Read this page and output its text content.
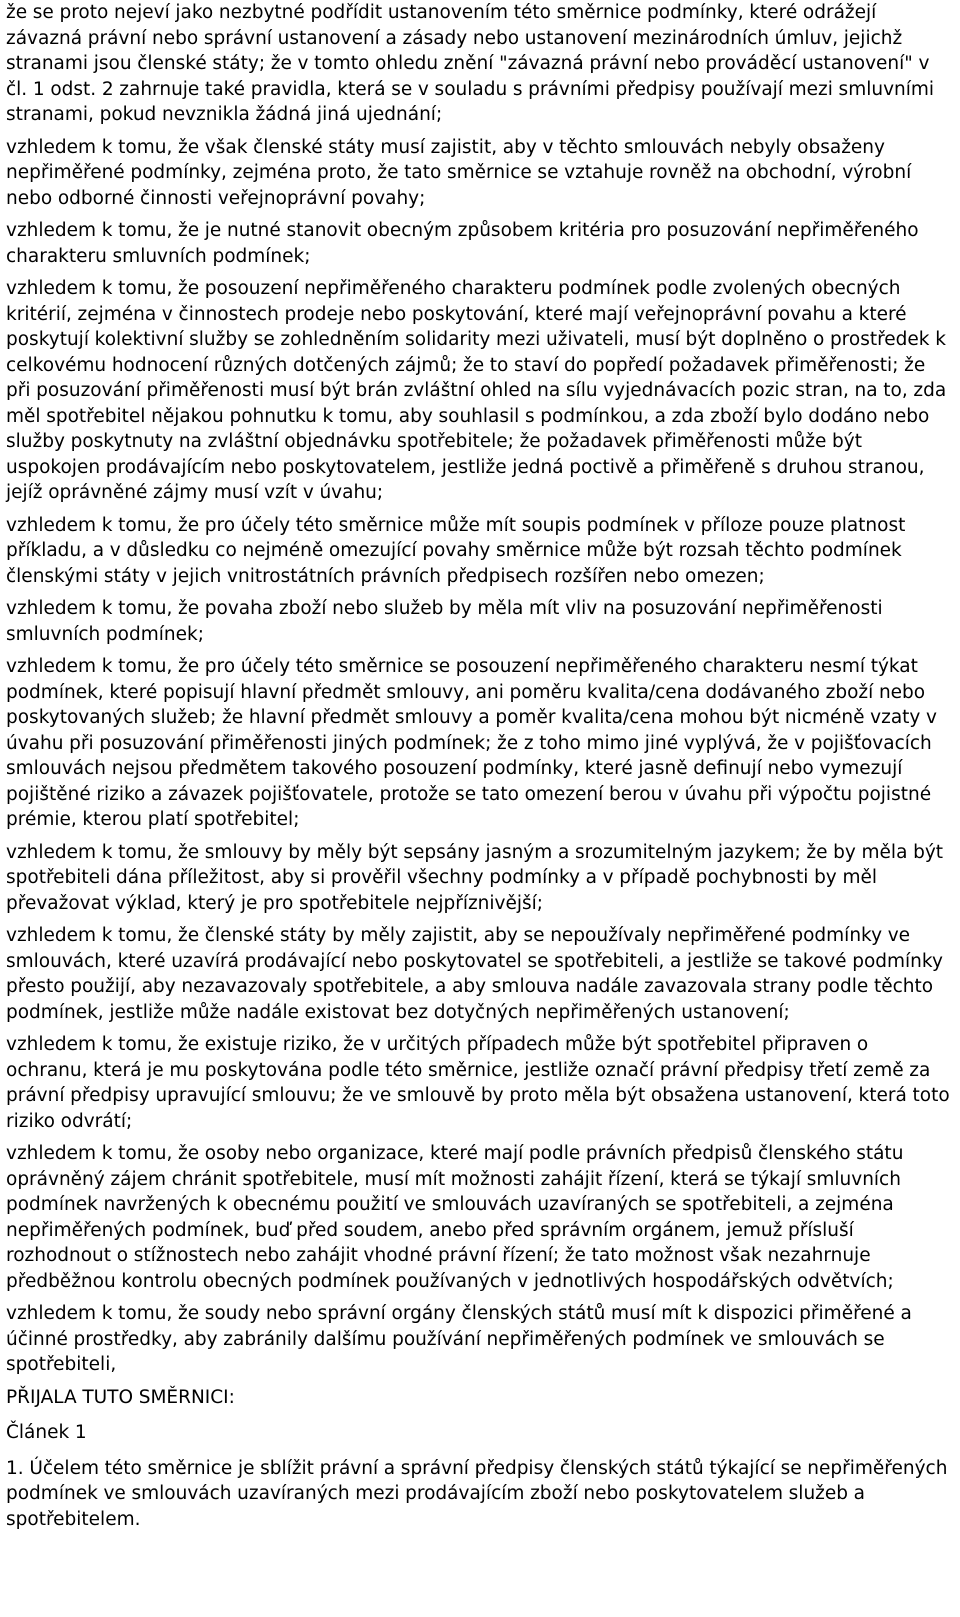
že se proto nejeví jako nezbytné podřídit ustanovením této směrnice podmínky, které odrážejí závazná právní nebo správní ustanovení a zásady nebo ustanovení mezinárodních úmluv, jejichž stranami jsou členské státy; že v tomto ohledu znění "závazná právní nebo prováděcí ustanovení" v čl. 1 odst. 2 zahrnuje také pravidla, která se v souladu s právními předpisy používají mezi smluvními stranami, pokud nevznikla žádná jiná ujednání;

vzhledem k tomu, že však členské státy musí zajistit, aby v těchto smlouvách nebyly obsaženy nepřiměřené podmínky, zejména proto, že tato směrnice se vztahuje rovněž na obchodní, výrobní nebo odborné činnosti veřejnoprávní povahy;

vzhledem k tomu, že je nutné stanovit obecným způsobem kritéria pro posuzování nepřiměřeného charakteru smluvních podmínek;

vzhledem k tomu, že posouzení nepřiměřeného charakteru podmínek podle zvolených obecných kritérií, zejména v činnostech prodeje nebo poskytování, které mají veřejnoprávní povahu a které poskytují kolektivní služby se zohledněním solidarity mezi uživateli, musí být doplněno o prostředek k celkovému hodnocení různých dotčených zájmů; že to staví do popředí požadavek přiměřenosti; že při posuzování přiměřenosti musí být brán zvláštní ohled na sílu vyjednávacích pozic stran, na to, zda měl spotřebitel nějakou pohnutku k tomu, aby souhlasil s podmínkou, a zda zboží bylo dodáno nebo služby poskytnuty na zvláštní objednávku spotřebitele; že požadavek přiměřenosti může být uspokojen prodávajícím nebo poskytovatelem, jestliže jedná poctivě a přiměřeně s druhou stranou, jejíž oprávněné zájmy musí vzít v úvahu;

vzhledem k tomu, že pro účely této směrnice může mít soupis podmínek v příloze pouze platnost příkladu, a v důsledku co nejméně omezující povahy směrnice může být rozsah těchto podmínek členskými státy v jejich vnitrostátních právních předpisech rozšířen nebo omezen;

vzhledem k tomu, že povaha zboží nebo služeb by měla mít vliv na posuzování nepřiměřenosti smluvních podmínek;

vzhledem k tomu, že pro účely této směrnice se posouzení nepřiměřeného charakteru nesmí týkat podmínek, které popisují hlavní předmět smlouvy, ani poměru kvalita/cena dodávaného zboží nebo poskytovaných služeb; že hlavní předmět smlouvy a poměr kvalita/cena mohou být nicméně vzaty v úvahu při posuzování přiměřenosti jiných podmínek; že z toho mimo jiné vyplývá, že v pojišťovacích smlouvách nejsou předmětem takového posouzení podmínky, které jasně definují nebo vymezují pojištěné riziko a závazek pojišťovatele, protože se tato omezení berou v úvahu při výpočtu pojistné prémie, kterou platí spotřebitel;

vzhledem k tomu, že smlouvy by měly být sepsány jasným a srozumitelným jazykem; že by měla být spotřebiteli dána příležitost, aby si prověřil všechny podmínky a v případě pochybnosti by měl převažovat výklad, který je pro spotřebitele nejpříznivější;

vzhledem k tomu, že členské státy by měly zajistit, aby se nepoužívaly nepřiměřené podmínky ve smlouvách, které uzavírá prodávající nebo poskytovatel se spotřebiteli, a jestliže se takové podmínky přesto použijí, aby nezavazovaly spotřebitele, a aby smlouva nadále zavazovala strany podle těchto podmínek, jestliže může nadále existovat bez dotyčných nepřiměřených ustanovení;

vzhledem k tomu, že existuje riziko, že v určitých případech může být spotřebitel připraven o ochranu, která je mu poskytována podle této směrnice, jestliže označí právní předpisy třetí země za právní předpisy upravující smlouvu; že ve smlouvě by proto měla být obsažena ustanovení, která toto riziko odvrátí;

vzhledem k tomu, že osoby nebo organizace, které mají podle právních předpisů členského státu oprávněný zájem chránit spotřebitele, musí mít možnosti zahájit řízení, která se týkají smluvních podmínek navržených k obecnému použití ve smlouvách uzavíraných se spotřebiteli, a zejména nepřiměřených podmínek, buď před soudem, anebo před správním orgánem, jemuž přísluší rozhodnout o stížnostech nebo zahájit vhodné právní řízení; že tato možnost však nezahrnuje předběžnou kontrolu obecných podmínek používaných v jednotlivých hospodářských odvětvích;

vzhledem k tomu, že soudy nebo správní orgány členských států musí mít k dispozici přiměřené a účinné prostředky, aby zabránily dalšímu používání nepřiměřených podmínek ve smlouvách se spotřebiteli,

PŘIJALA TUTO SMĚRNICI:

Článek 1

1. Účelem této směrnice je sblížit právní a správní předpisy členských států týkající se nepřiměřených podmínek ve smlouvách uzavíraných mezi prodávajícím zboží nebo poskytovatelem služeb a spotřebitelem.
